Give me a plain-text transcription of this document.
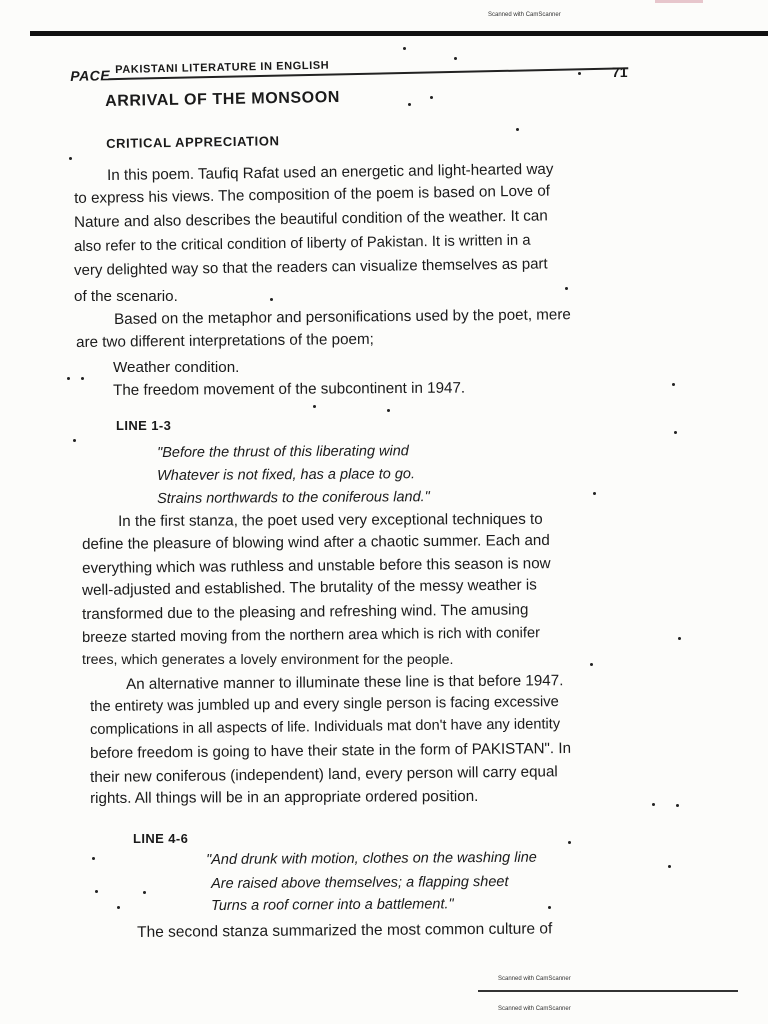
Scanned with CamScanner
PACE PAKISTANI LITERATURE IN ENGLISH	71
ARRIVAL OF THE MONSOON
CRITICAL APPRECIATION
In this poem. Taufiq Rafat used an energetic and light-hearted way
to express his views. The composition of the poem is based on Love of
Nature and also describes the beautiful condition of the weather. It can
also refer to the critical condition of liberty of Pakistan. It is written in a
very delighted way so that the readers can visualize themselves as part
of the scenario.
Based on the metaphor and personifications used by the poet, mere
are two different interpretations of the poem;
Weather condition.
The freedom movement of the subcontinent in 1947.
LINE 1-3
"Before the thrust of this liberating wind
Whatever is not fixed, has a place to go.
Strains northwards to the coniferous land."
In the first stanza, the poet used very exceptional techniques to
define the pleasure of blowing wind after a chaotic summer. Each and
everything which was ruthless and unstable before this season is now
well-adjusted and established. The brutality of the messy weather is
transformed due to the pleasing and refreshing wind. The amusing
breeze started moving from the northern area which is rich with conifer
trees, which generates a lovely environment for the people.
An alternative manner to illuminate these line is that before 1947.
the entirety was jumbled up and every single person is facing excessive
complications in all aspects of life. Individuals mat don't have any identity
before freedom is going to have their state in the form of PAKISTAN". In
their new coniferous (independent) land, every person will carry equal
rights. All things will be in an appropriate ordered position.
LINE 4-6
"And drunk with motion, clothes on the washing line
Are raised above themselves; a flapping sheet
Turns a roof corner into a battlement."
The second stanza summarized the most common culture of
Scanned with CamScanner
Scanned with CamScanner
